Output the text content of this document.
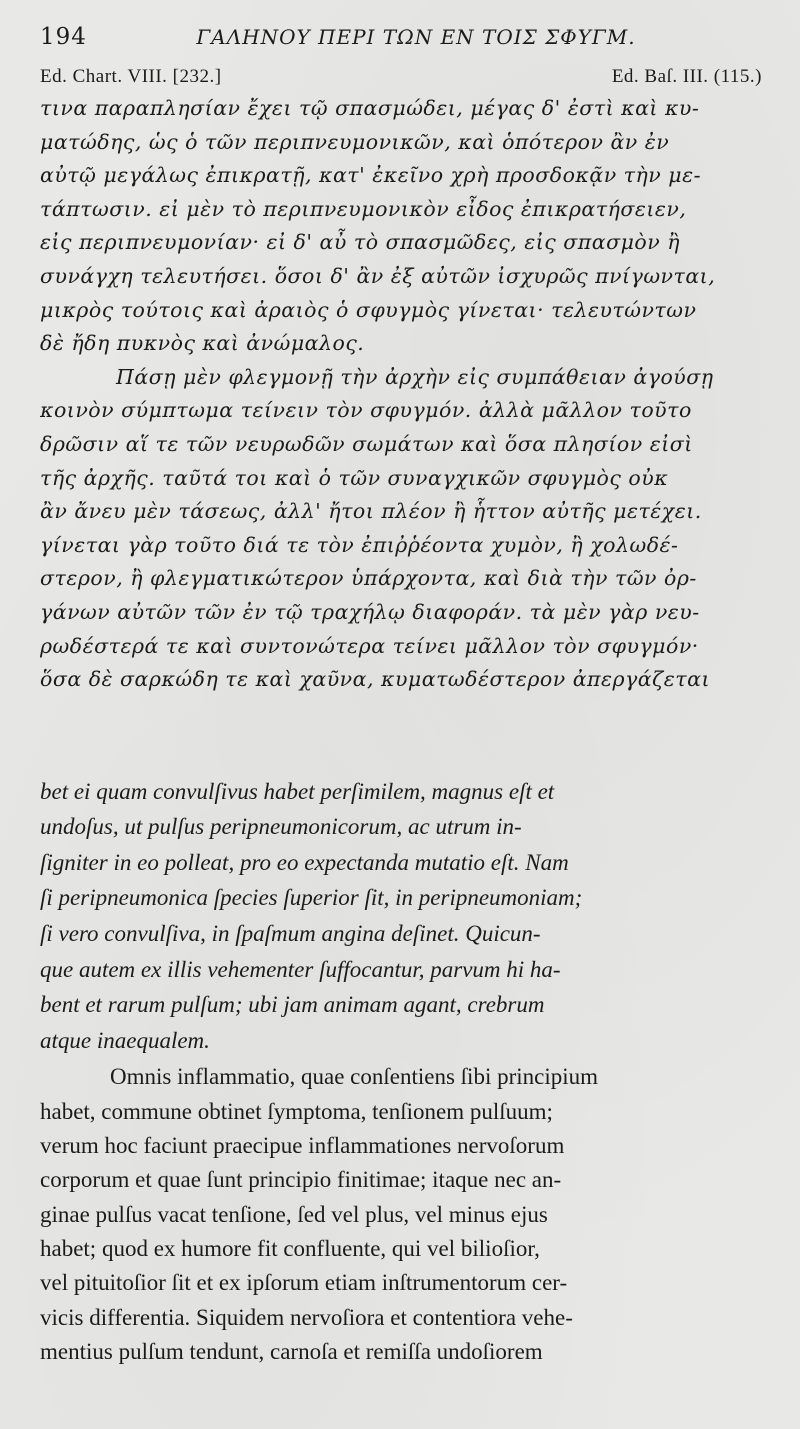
194	ΓΑΛΗΝΟΥ ΠΕΡΙ ΤΩΝ ΕΝ ΤΟΙΣ ΣΦΥΓΜ.
Ed. Chart. VIII. [232.]	Ed. Baſ. III. (115.)
τινα παραπλησίαν ἔχει τῷ σπασμώδει, μέγας δ' ἐστὶ καὶ κυ-
ματώδης, ὡς ὁ τῶν περιπνευμονικῶν, καὶ ὁπότερον ἂν ἐν
αὐτῷ μεγάλως ἐπικρατῇ, κατ' ἐκεῖνο χρὴ προσδοκᾷν τὴν με-
τάπτωσιν. εἰ μὲν τὸ περιπνευμονικὸν εἶδος ἐπικρατήσειεν,
εἰς περιπνευμονίαν· εἰ δ' αὖ τὸ σπασμῶδες, εἰς σπασμὸν ἢ
συνάγχη τελευτήσει. ὅσοι δ' ἂν ἐξ αὐτῶν ἰσχυρῶς πνίγωνται,
μικρὸς τούτοις καὶ ἀραιὸς ὁ σφυγμὸς γίνεται· τελευτώντων
δὲ ἤδη πυκνὸς καὶ ἀνώμαλος.
Πάσῃ μὲν φλεγμονῇ τὴν ἀρχὴν εἰς συμπάθειαν ἀγούσῃ
κοινὸν σύμπτωμα τείνειν τὸν σφυγμόν. ἀλλὰ μᾶλλον τοῦτο
δρῶσιν αἵ τε τῶν νευρωδῶν σωμάτων καὶ ὅσα πλησίον εἰσὶ
τῆς ἀρχῆς. ταῦτά τοι καὶ ὁ τῶν συναγχικῶν σφυγμὸς οὐκ
ἂν ἄνευ μὲν τάσεως, ἀλλ' ἤτοι πλέον ἢ ἧττον αὐτῆς μετέχει.
γίνεται γὰρ τοῦτο διά τε τὸν ἐπιῤῥέοντα χυμὸν, ἢ χολωδέ-
στερον, ἢ φλεγματικώτερον ὑπάρχοντα, καὶ διὰ τὴν τῶν ὀρ-
γάνων αὐτῶν τῶν ἐν τῷ τραχήλῳ διαφοράν. τὰ μὲν γὰρ νευ-
ρωδέστερά τε καὶ συντονώτερα τείνει μᾶλλον τὸν σφυγμόν·
ὅσα δὲ σαρκώδη τε καὶ χαῦνα, κυματωδέστερον ἀπεργάζεται
bet ei quam convulſivus habet perſimilem, magnus eſt et
undoſus, ut pulſus peripneumonicorum, ac utrum in-
ſigniter in eo polleat, pro eo expectanda mutatio eſt. Nam
ſi peripneumonica ſpecies ſuperior ſit, in peripneumoniam;
ſi vero convulſiva, in ſpaſmum angina deſinet. Quicun-
que autem ex illis vehementer ſuffocantur, parvum hi ha-
bent et rarum pulſum; ubi jam animam agant, crebrum
atque inaequalem.
Omnis inflammatio, quae conſentiens ſibi principium
habet, commune obtinet ſymptoma, tenſionem pulſuum;
verum hoc faciunt praecipue inflammationes nervoſorum
corporum et quae ſunt principio finitimae; itaque nec an-
ginae pulſus vacat tenſione, ſed vel plus, vel minus ejus
habet; quod ex humore fit confluente, qui vel bilioſior,
vel pituitoſior ſit et ex ipſorum etiam inſtrumentorum cer-
vicis differentia. Siquidem nervoſiora et contentiora vehe-
mentius pulſum tendunt, carnoſa et remiſſa undoſiorem
